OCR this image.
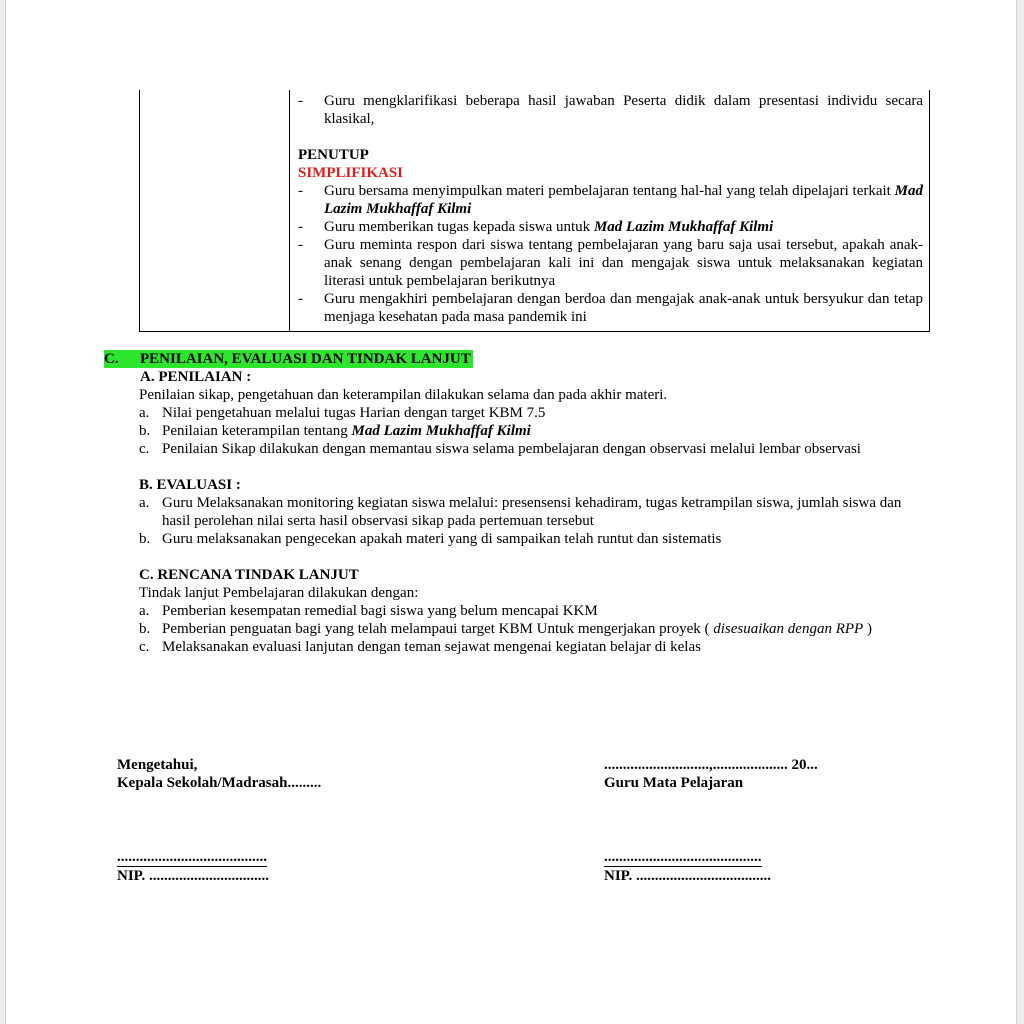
- Guru mengklarifikasi beberapa hasil jawaban Peserta didik dalam presentasi individu secara klasikal,
PENUTUP
SIMPLIFIKASI
- Guru bersama menyimpulkan materi pembelajaran tentang hal-hal yang telah dipelajari terkait Mad Lazim Mukhaffaf Kilmi
- Guru memberikan tugas kepada siswa untuk Mad Lazim Mukhaffaf Kilmi
- Guru meminta respon dari siswa tentang pembelajaran yang baru saja usai tersebut, apakah anak-anak senang dengan pembelajaran kali ini dan mengajak siswa untuk melaksanakan kegiatan literasi untuk pembelajaran berikutnya
- Guru mengakhiri pembelajaran dengan berdoa dan mengajak anak-anak untuk bersyukur dan tetap menjaga kesehatan pada masa pandemik ini
C. PENILAIAN, EVALUASI DAN TINDAK LANJUT
A. PENILAIAN :
Penilaian sikap, pengetahuan dan keterampilan dilakukan selama dan pada akhir materi.
a. Nilai pengetahuan melalui tugas Harian dengan target KBM 7.5
b. Penilaian keterampilan tentang Mad Lazim Mukhaffaf Kilmi
c. Penilaian Sikap dilakukan dengan memantau siswa selama pembelajaran dengan observasi melalui lembar observasi
B. EVALUASI :
a. Guru Melaksanakan monitoring kegiatan siswa melalui: presensensi kehadiram, tugas ketrampilan siswa, jumlah siswa dan hasil perolehan nilai serta hasil observasi sikap pada pertemuan tersebut
b. Guru melaksanakan pengecekan apakah materi yang di sampaikan telah runtut dan sistematis
C. RENCANA TINDAK LANJUT
Tindak lanjut Pembelajaran dilakukan dengan:
a. Pemberian kesempatan remedial bagi siswa yang belum mencapai KKM
b. Pemberian penguatan bagi yang telah melampaui target KBM Untuk mengerjakan proyek ( disesuaikan dengan RPP )
c. Melaksanakan evaluasi lanjutan dengan teman sejawat mengenai kegiatan belajar di kelas
Mengetahui,
Kepala Sekolah/Madrasah.........
............................,.................... 20...
Guru Mata Pelajaran
........................................
NIP. ................................
..........................................
NIP. ....................................
